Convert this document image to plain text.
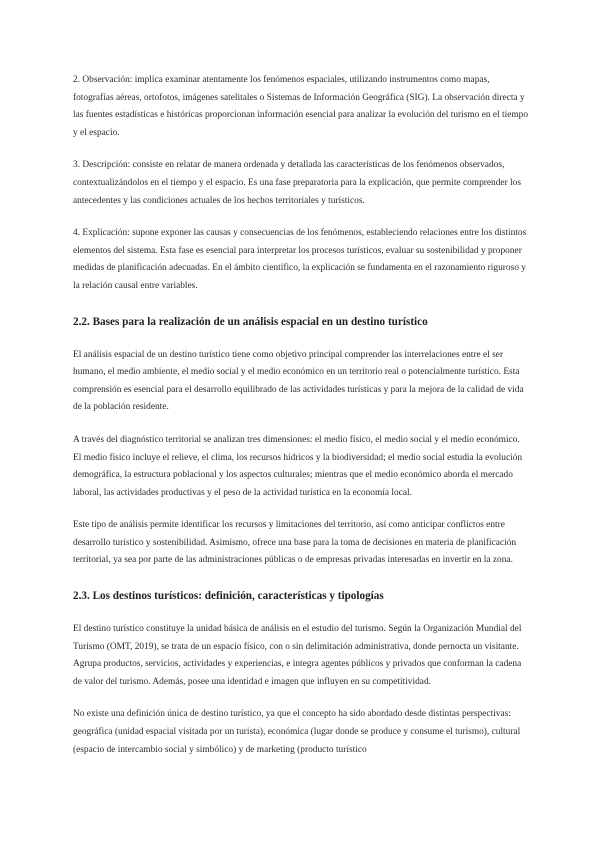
2. Observación: implica examinar atentamente los fenómenos espaciales, utilizando instrumentos como mapas, fotografías aéreas, ortofotos, imágenes satelitales o Sistemas de Información Geográfica (SIG). La observación directa y las fuentes estadísticas e históricas proporcionan información esencial para analizar la evolución del turismo en el tiempo y el espacio.

3. Descripción: consiste en relatar de manera ordenada y detallada las características de los fenómenos observados, contextualizándolos en el tiempo y el espacio. Es una fase preparatoria para la explicación, que permite comprender los antecedentes y las condiciones actuales de los hechos territoriales y turísticos.

4. Explicación: supone exponer las causas y consecuencias de los fenómenos, estableciendo relaciones entre los distintos elementos del sistema. Esta fase es esencial para interpretar los procesos turísticos, evaluar su sostenibilidad y proponer medidas de planificación adecuadas. En el ámbito científico, la explicación se fundamenta en el razonamiento riguroso y la relación causal entre variables.

2.2. Bases para la realización de un análisis espacial en un destino turístico

El análisis espacial de un destino turístico tiene como objetivo principal comprender las interrelaciones entre el ser humano, el medio ambiente, el medio social y el medio económico en un territorio real o potencialmente turístico. Esta comprensión es esencial para el desarrollo equilibrado de las actividades turísticas y para la mejora de la calidad de vida de la población residente.

A través del diagnóstico territorial se analizan tres dimensiones: el medio físico, el medio social y el medio económico. El medio físico incluye el relieve, el clima, los recursos hídricos y la biodiversidad; el medio social estudia la evolución demográfica, la estructura poblacional y los aspectos culturales; mientras que el medio económico aborda el mercado laboral, las actividades productivas y el peso de la actividad turística en la economía local.

Este tipo de análisis permite identificar los recursos y limitaciones del territorio, así como anticipar conflictos entre desarrollo turístico y sostenibilidad. Asimismo, ofrece una base para la toma de decisiones en materia de planificación territorial, ya sea por parte de las administraciones públicas o de empresas privadas interesadas en invertir en la zona.

2.3. Los destinos turísticos: definición, características y tipologías

El destino turístico constituye la unidad básica de análisis en el estudio del turismo. Según la Organización Mundial del Turismo (OMT, 2019), se trata de un espacio físico, con o sin delimitación administrativa, donde pernocta un visitante. Agrupa productos, servicios, actividades y experiencias, e integra agentes públicos y privados que conforman la cadena de valor del turismo. Además, posee una identidad e imagen que influyen en su competitividad.

No existe una definición única de destino turístico, ya que el concepto ha sido abordado desde distintas perspectivas: geográfica (unidad espacial visitada por un turista), económica (lugar donde se produce y consume el turismo), cultural (espacio de intercambio social y simbólico) y de marketing (producto turístico
